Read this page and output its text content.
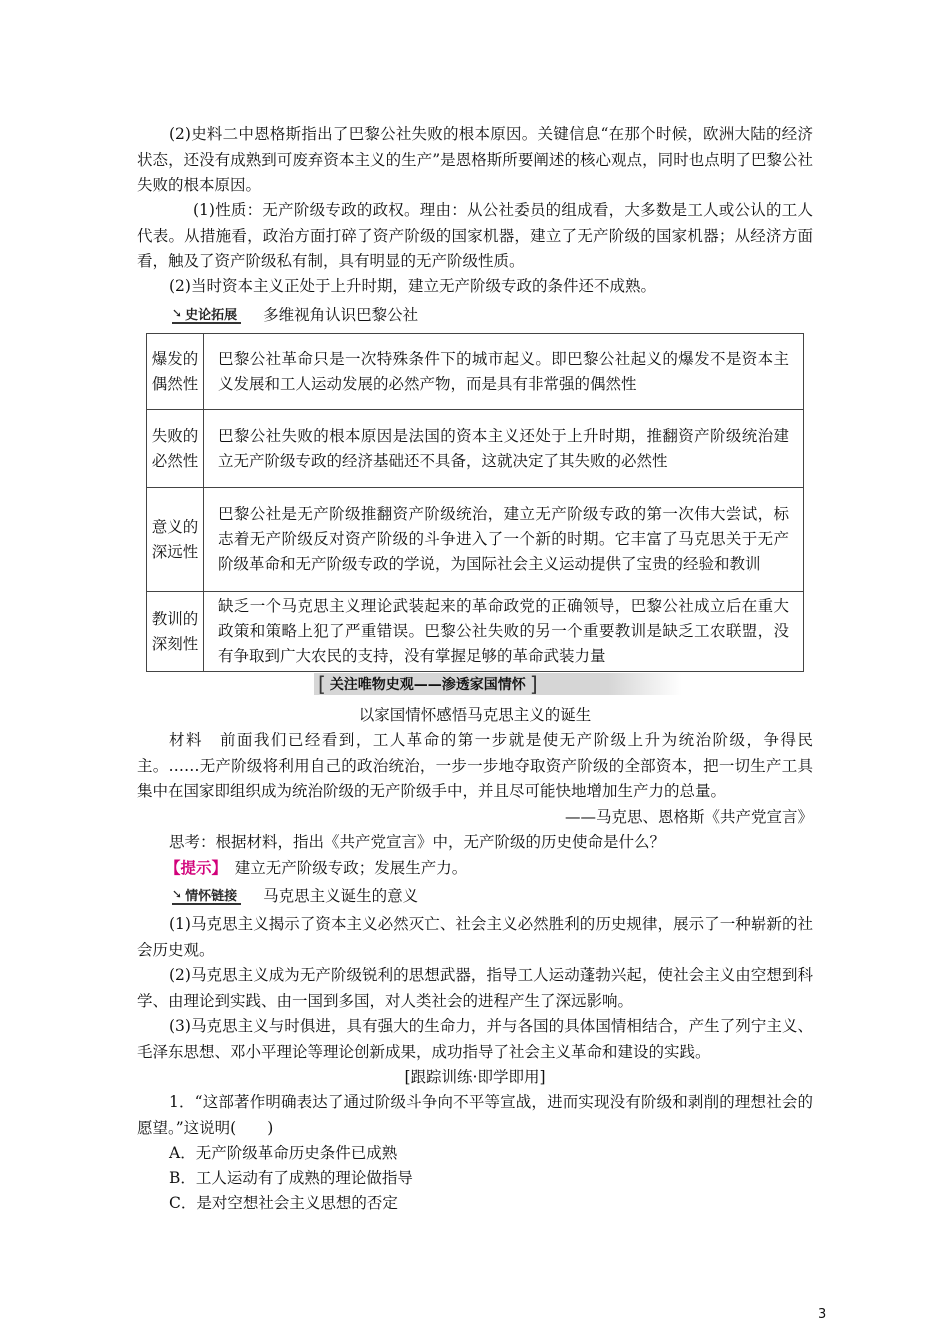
(2)史料二中恩格斯指出了巴黎公社失败的根本原因。关键信息“在那个时候，欧洲大陆的经济状态，还没有成熟到可废弃资本主义的生产”是恩格斯所要阐述的核心观点，同时也点明了巴黎公社失败的根本原因。
(1)性质：无产阶级专政的政权。理由：从公社委员的组成看，大多数是工人或公认的工人代表。从措施看，政治方面打碎了资产阶级的国家机器，建立了无产阶级的国家机器；从经济方面看，触及了资产阶级私有制，具有明显的无产阶级性质。
(2)当时资本主义正处于上升时期，建立无产阶级专政的条件还不成熟。
➘ 史论拓展 多维视角认识巴黎公社
爆发的偶然性	巴黎公社革命只是一次特殊条件下的城市起义。即巴黎公社起义的爆发不是资本主义发展和工人运动发展的必然产物，而是具有非常强的偶然性
失败的必然性	巴黎公社失败的根本原因是法国的资本主义还处于上升时期，推翻资产阶级统治建立无产阶级专政的经济基础还不具备，这就决定了其失败的必然性
意义的深远性	巴黎公社是无产阶级推翻资产阶级统治，建立无产阶级专政的第一次伟大尝试，标志着无产阶级反对资产阶级的斗争进入了一个新的时期。它丰富了马克思关于无产阶级革命和无产阶级专政的学说，为国际社会主义运动提供了宝贵的经验和教训
教训的深刻性	缺乏一个马克思主义理论武装起来的革命政党的正确领导，巴黎公社成立后在重大政策和策略上犯了严重错误。巴黎公社失败的另一个重要教训是缺乏工农联盟，没有争取到广大农民的支持，没有掌握足够的革命武装力量
[ 关注唯物史观——渗透家国情怀 ]
以家国情怀感悟马克思主义的诞生
材料　前面我们已经看到，工人革命的第一步就是使无产阶级上升为统治阶级，争得民主。……无产阶级将利用自己的政治统治，一步一步地夺取资产阶级的全部资本，把一切生产工具集中在国家即组织成为统治阶级的无产阶级手中，并且尽可能快地增加生产力的总量。
——马克思、恩格斯《共产党宣言》
思考：根据材料，指出《共产党宣言》中，无产阶级的历史使命是什么？
【提示】　 建立无产阶级专政；发展生产力。
➘ 情怀链接 马克思主义诞生的意义
(1)马克思主义揭示了资本主义必然灭亡、社会主义必然胜利的历史规律，展示了一种崭新的社会历史观。
(2)马克思主义成为无产阶级锐利的思想武器，指导工人运动蓬勃兴起，使社会主义由空想到科学、由理论到实践、由一国到多国，对人类社会的进程产生了深远影响。
(3)马克思主义与时俱进，具有强大的生命力，并与各国的具体国情相结合，产生了列宁主义、毛泽东思想、邓小平理论等理论创新成果，成功指导了社会主义革命和建设的实践。
[跟踪训练·即学即用]
1．“这部著作明确表达了通过阶级斗争向不平等宣战，进而实现没有阶级和剥削的理想社会的愿望。”这说明(　　)
A．无产阶级革命历史条件已成熟
B．工人运动有了成熟的理论做指导
C．是对空想社会主义思想的否定
3
